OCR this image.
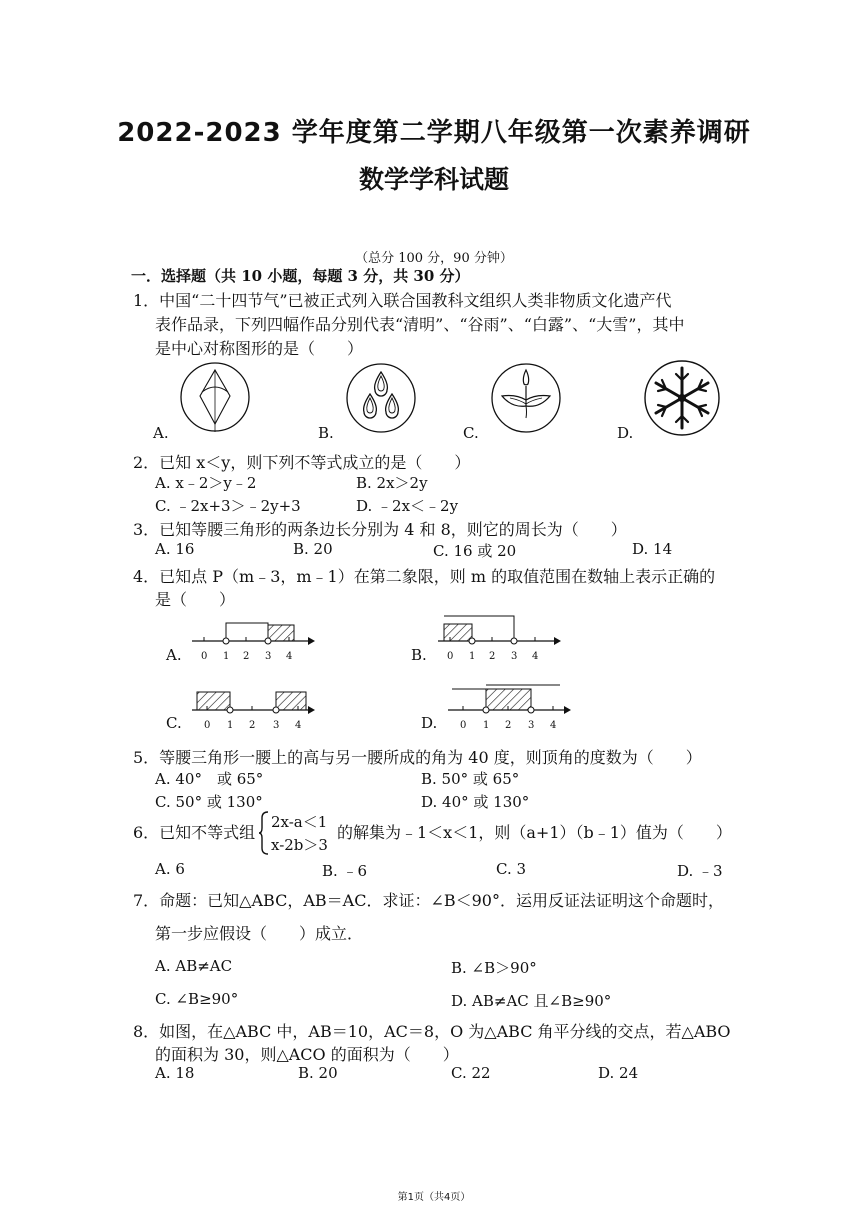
2022-2023 学年度第二学期八年级第一次素养调研
数学学科试题
（总分 100 分，90 分钟）
一．选择题（共 10 小题，每题 3 分，共 30 分）
1．中国“二十四节气”已被正式列入联合国教科文组织人类非物质文化遗产代
表作品录，下列四幅作品分别代表“清明”、“谷雨”、“白露”、“大雪”，其中
是中心对称图形的是（　　）
A.	B.	C.	D.
2．已知 x＜y，则下列不等式成立的是（　　）
A. x﹣2＞y﹣2	B. 2x＞2y
C. ﹣2x+3＞﹣2y+3	D. ﹣2x＜﹣2y
3．已知等腰三角形的两条边长分别为 4 和 8，则它的周长为（　　）
A. 16	B. 20	C. 16 或 20	D. 14
4．已知点 P（m﹣3，m﹣1）在第二象限，则 m 的取值范围在数轴上表示正确的
是（　　）
A. 0 1 2 3 4	B. 0 1 2 3 4
C. 0 1 2 3 4	D. 0 1 2 3 4
5．等腰三角形一腰上的高与另一腰所成的角为 40 度，则顶角的度数为（　　）
A. 40°　或 65°	B. 50° 或 65°
C. 50° 或 130°	D. 40° 或 130°
6．已知不等式组
2x-a＜1
x-2b＞3
的解集为﹣1＜x＜1，则（a+1）（b﹣1）值为（　　）
A. 6	B. ﹣6	C. 3	D. ﹣3
7．命题：已知△ABC，AB＝AC．求证：∠B＜90°．运用反证法证明这个命题时，
第一步应假设（　　）成立．
A. AB≠AC	B. ∠B＞90°
C. ∠B≥90°	D. AB≠AC 且∠B≥90°
8．如图，在△ABC 中，AB＝10，AC＝8，O 为△ABC 角平分线的交点，若△ABO
的面积为 30，则△ACO 的面积为（　　）
A. 18	B. 20	C. 22	D. 24
第1页（共4页）
